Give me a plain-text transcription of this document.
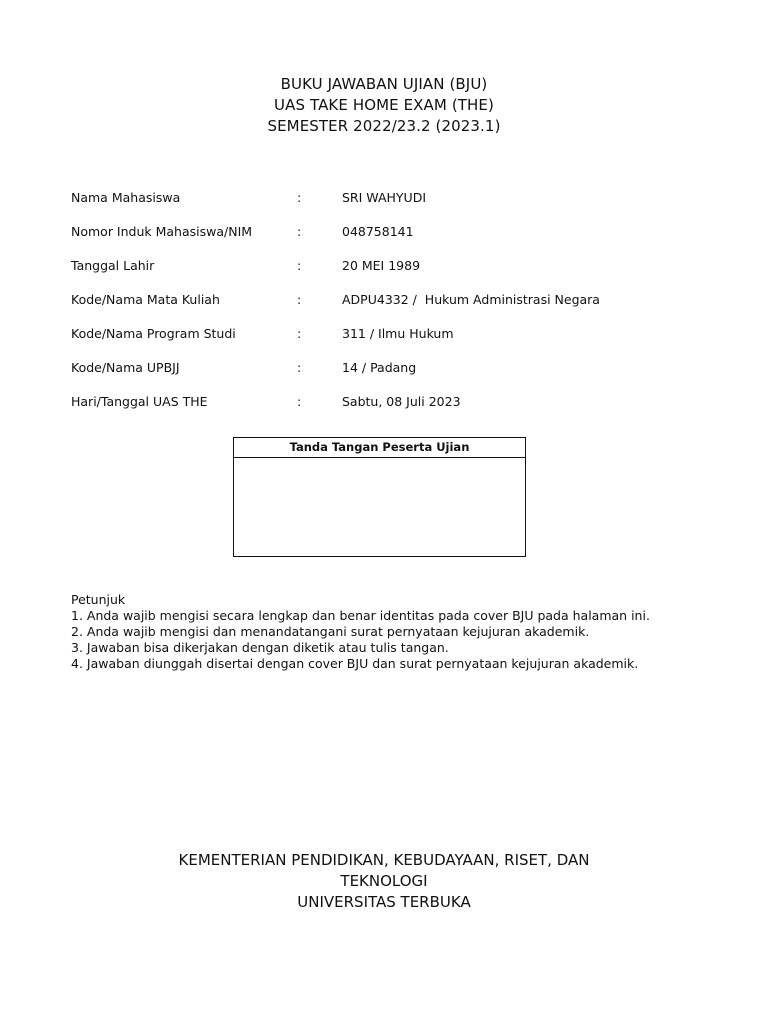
BUKU JAWABAN UJIAN (BJU)
UAS TAKE HOME EXAM (THE)
SEMESTER 2022/23.2 (2023.1)
Nama Mahasiswa	:	SRI WAHYUDI
Nomor Induk Mahasiswa/NIM	:	048758141
Tanggal Lahir	:	20 MEI 1989
Kode/Nama Mata Kuliah	:	ADPU4332 /  Hukum Administrasi Negara
Kode/Nama Program Studi	:	311 / Ilmu Hukum
Kode/Nama UPBJJ	:	14 / Padang
Hari/Tanggal UAS THE	:	Sabtu, 08 Juli 2023
Tanda Tangan Peserta Ujian
Petunjuk
1. Anda wajib mengisi secara lengkap dan benar identitas pada cover BJU pada halaman ini.
2. Anda wajib mengisi dan menandatangani surat pernyataan kejujuran akademik.
3. Jawaban bisa dikerjakan dengan diketik atau tulis tangan.
4. Jawaban diunggah disertai dengan cover BJU dan surat pernyataan kejujuran akademik.
KEMENTERIAN PENDIDIKAN, KEBUDAYAAN, RISET, DAN
TEKNOLOGI
UNIVERSITAS TERBUKA
